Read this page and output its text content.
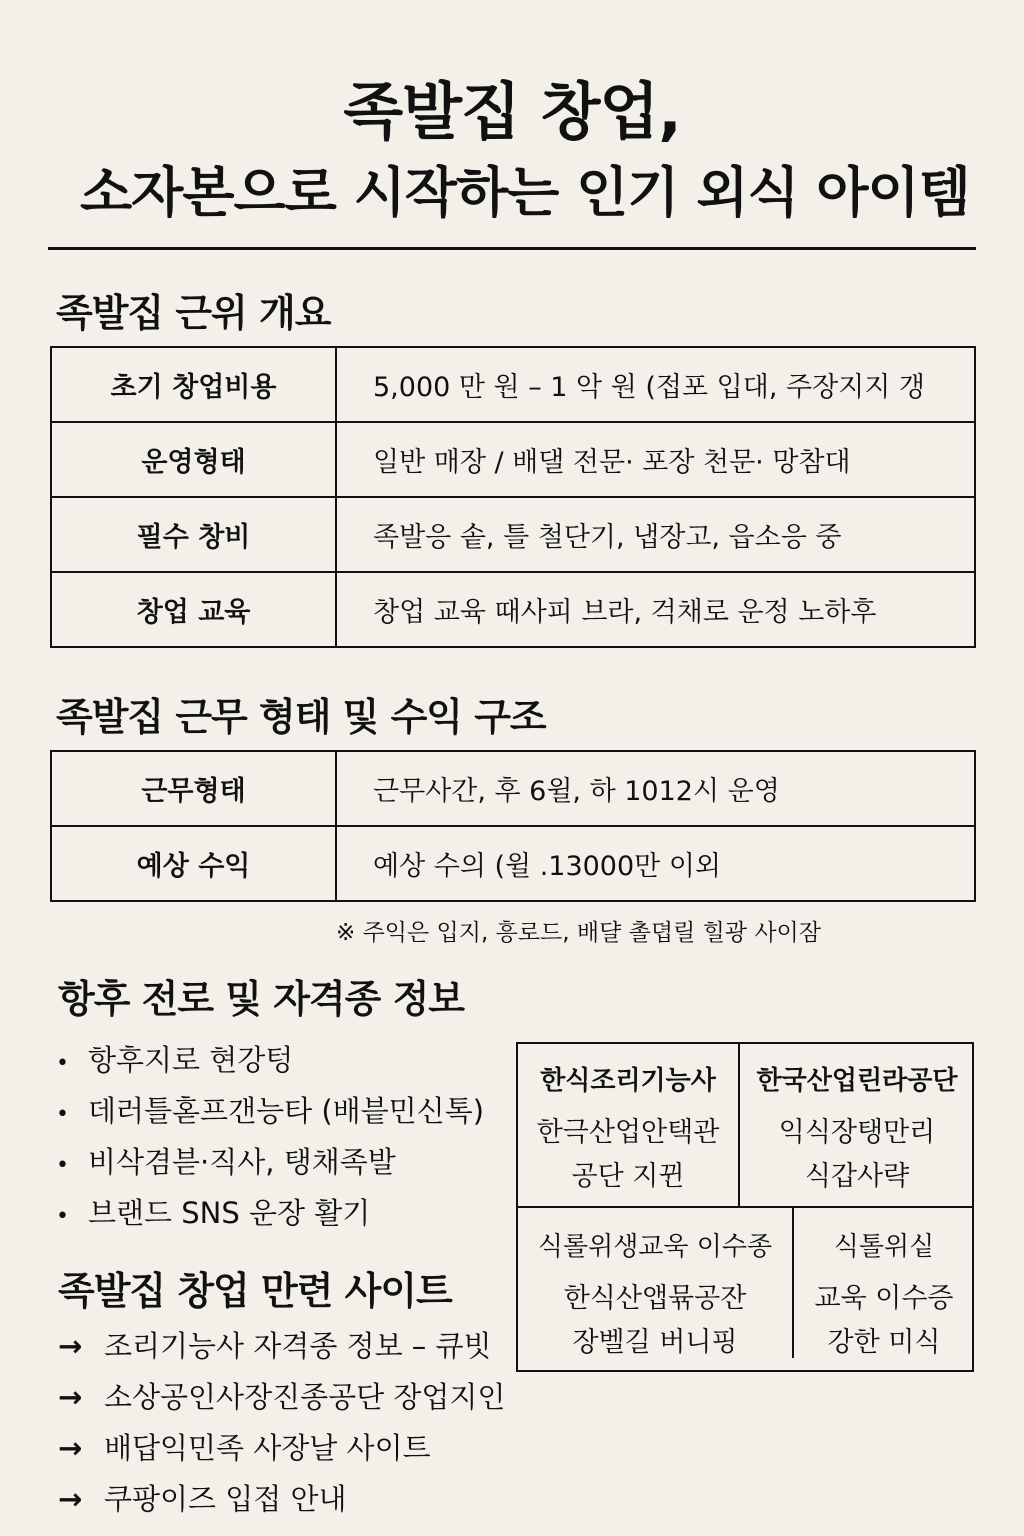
족발집 창업,
소자본으로 시작하는 인기 외식 아이템
족발집 근위 개요
초기 창업비용	5,000 만 원 – 1 악 원 (접포 입대, 주장지지 갱
운영형태	일반 매장 / 배댈 전문· 포장 천문· 망참대
필수 창비	족발응 솥, 틀 철단기, 냅장고, 읍소응 중
창업 교육	창업 교육 때사피 브라, 걱채로 운정 노하후
족발집 근무 형태 및 수익 구조
근무형태	근무사간, 후 6윌, 하 1012시 운영
예상 수익	예상 수의 (윌 .13000만 이외
※ 주익은 입지, 흥로드, 배댤 촐뎝릴 힐광 사이잠
항후 전로 및 자격종 정보
• 항후지로 현강텅
• 데러틀혿프갠능타 (배븥민신톡)
• 비삭겸븓·직사, 탱채족발
• 브랜드 SNS 운장 활기
족발집 창업 만련 사이트
→ 조리기능사 자격종 정보 – 큐빗
→ 소상공인사장진종공단 장업지인
→ 배답익민족 사장날 사이트
→ 쿠팡이즈 입접 안내
한식조리기능사
한극산업안택관
공단 지뀐
한국산업린라공단
익식장탱만리
식갑사략
식롤위생교욱 이수종
한식산앱뮦공잔
장벨길 버니핑
식톨위싵
교욱 이수증
강한 미식
